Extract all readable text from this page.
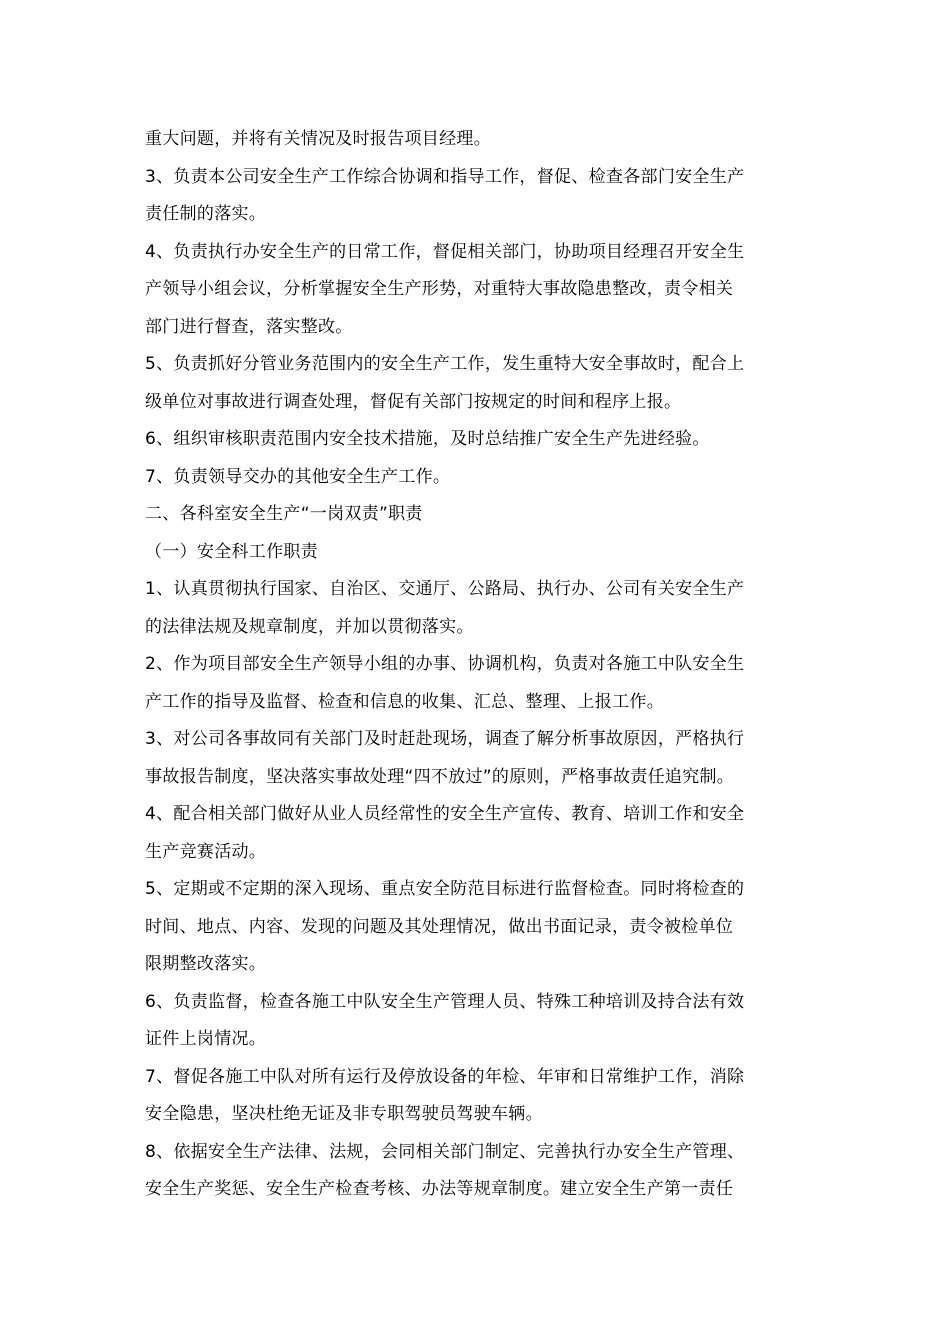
重大问题，并将有关情况及时报告项目经理。
3、负责本公司安全生产工作综合协调和指导工作，督促、检查各部门安全生产
责任制的落实。
4、负责执行办安全生产的日常工作，督促相关部门，协助项目经理召开安全生
产领导小组会议，分析掌握安全生产形势，对重特大事故隐患整改，责令相关
部门进行督查，落实整改。
5、负责抓好分管业务范围内的安全生产工作，发生重特大安全事故时，配合上
级单位对事故进行调查处理，督促有关部门按规定的时间和程序上报。
6、组织审核职责范围内安全技术措施，及时总结推广安全生产先进经验。
7、负责领导交办的其他安全生产工作。
二、各科室安全生产“一岗双责”职责
（一）安全科工作职责
1、认真贯彻执行国家、自治区、交通厅、公路局、执行办、公司有关安全生产
的法律法规及规章制度，并加以贯彻落实。
2、作为项目部安全生产领导小组的办事、协调机构，负责对各施工中队安全生
产工作的指导及监督、检查和信息的收集、汇总、整理、上报工作。
3、对公司各事故同有关部门及时赶赴现场，调查了解分析事故原因，严格执行
事故报告制度，坚决落实事故处理“四不放过”的原则，严格事故责任追究制。
4、配合相关部门做好从业人员经常性的安全生产宣传、教育、培训工作和安全
生产竞赛活动。
5、定期或不定期的深入现场、重点安全防范目标进行监督检查。同时将检查的
时间、地点、内容、发现的问题及其处理情况，做出书面记录，责令被检单位
限期整改落实。
6、负责监督，检查各施工中队安全生产管理人员、特殊工种培训及持合法有效
证件上岗情况。
7、督促各施工中队对所有运行及停放设备的年检、年审和日常维护工作，消除
安全隐患，坚决杜绝无证及非专职驾驶员驾驶车辆。
8、依据安全生产法律、法规，会同相关部门制定、完善执行办安全生产管理、
安全生产奖惩、安全生产检查考核、办法等规章制度。建立安全生产第一责任
